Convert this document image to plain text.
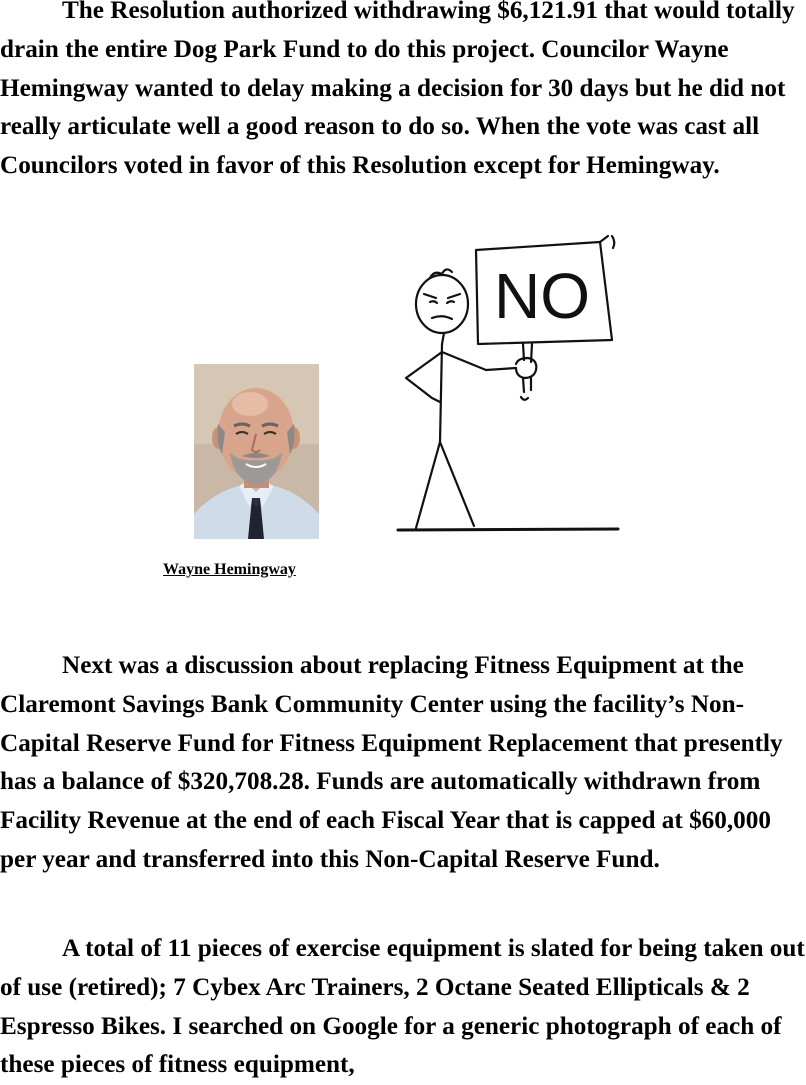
The Resolution authorized withdrawing $6,121.91 that would totally drain the entire Dog Park Fund to do this project. Councilor Wayne Hemingway wanted to delay making a decision for 30 days but he did not really articulate well a good reason to do so. When the vote was cast all Councilors voted in favor of this Resolution except for Hemingway.

Wayne Hemingway
NO

Next was a discussion about replacing Fitness Equipment at the Claremont Savings Bank Community Center using the facility’s Non-Capital Reserve Fund for Fitness Equipment Replacement that presently has a balance of $320,708.28. Funds are automatically withdrawn from Facility Revenue at the end of each Fiscal Year that is capped at $60,000 per year and transferred into this Non-Capital Reserve Fund.

A total of 11 pieces of exercise equipment is slated for being taken out of use (retired); 7 Cybex Arc Trainers, 2 Octane Seated Ellipticals & 2 Espresso Bikes. I searched on Google for a generic photograph of each of these pieces of fitness equipment,
